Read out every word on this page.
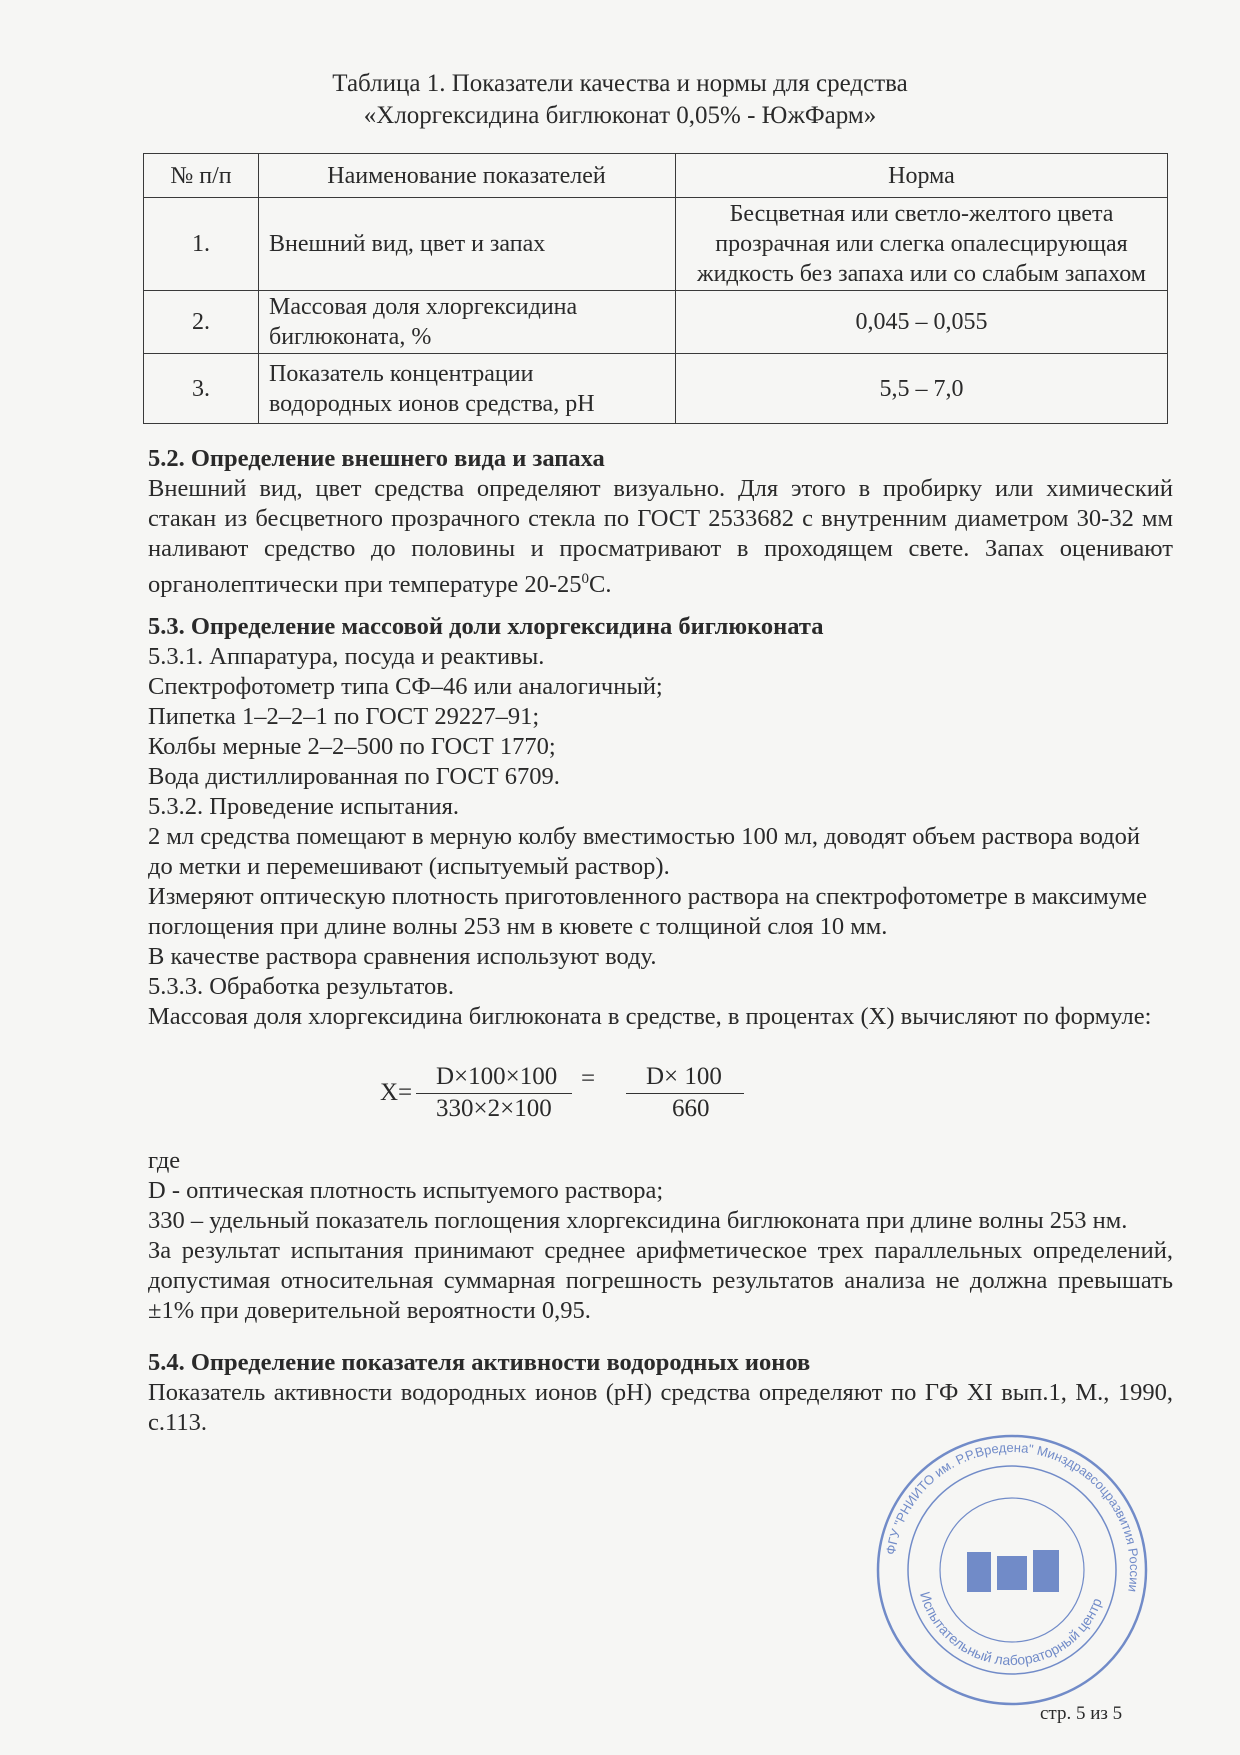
Таблица 1. Показатели качества и нормы для средства
«Хлоргексидина биглюконат 0,05% - ЮжФарм»
№ п/п	Наименование показателей	Норма
1.	Внешний вид, цвет и запах	Бесцветная или светло-желтого цвета
прозрачная или слегка опалесцирующая
жидкость без запаха или со слабым запахом

2.	Массовая доля хлоргексидина
биглюконата, %	0,045 – 0,055

3.	Показатель концентрации
водородных ионов средства, pH	5,5 – 7,0
5.2. Определение внешнего вида и запаха
Внешний вид, цвет средства определяют визуально. Для этого в пробирку или химический
стакан из бесцветного прозрачного стекла по ГОСТ 2533682 с внутренним диаметром 30-32 мм
наливают средство до половины и просматривают в проходящем свете. Запах оценивают
органолептически при температуре $20-25^0С$.
5.3. Определение массовой доли хлоргексидина биглюконата
5.3.1. Аппаратура, посуда и реактивы.
Спектрофотометр типа СФ–46 или аналогичный;
Пипетка 1–2–2–1 по ГОСТ 29227–91;
Колбы мерные 2–2–500 по ГОСТ 1770;
Вода дистиллированная по ГОСТ 6709.
5.3.2. Проведение испытания.
2 мл средства помещают в мерную колбу вместимостью 100 мл, доводят объем раствора водой
до метки и перемешивают (испытуемый раствор).
Измеряют оптическую плотность приготовленного раствора на спектрофотометре в максимуме
поглощения при длине волны 253 нм в кювете с толщиной слоя 10 мм.
В качестве раствора сравнения используют воду.
5.3.3. Обработка результатов.
Массовая доля хлоргексидина биглюконата в средстве, в процентах (X) вычисляют по формуле:
X=
D×100×100
330×2×100
= D× 100
660
где
D - оптическая плотность испытуемого раствора;
330 – удельный показатель поглощения хлоргексидина биглюконата при длине волны 253 нм.
За результат испытания принимают среднее арифметическое трех параллельных определений,
допустимая относительная суммарная погрешность результатов анализа не должна превышать
±1% при доверительной вероятности 0,95.
5.4. Определение показателя активности водородных ионов
Показатель активности водородных ионов (pH) средства определяют по ГФ XI вып.1, М., 1990,
с.113.
ФГУ "РНИИТО им. Р.Р.Вредена" Минздравсоцразвития России
Испытательный лабораторный центр
стр. 5 из 5
